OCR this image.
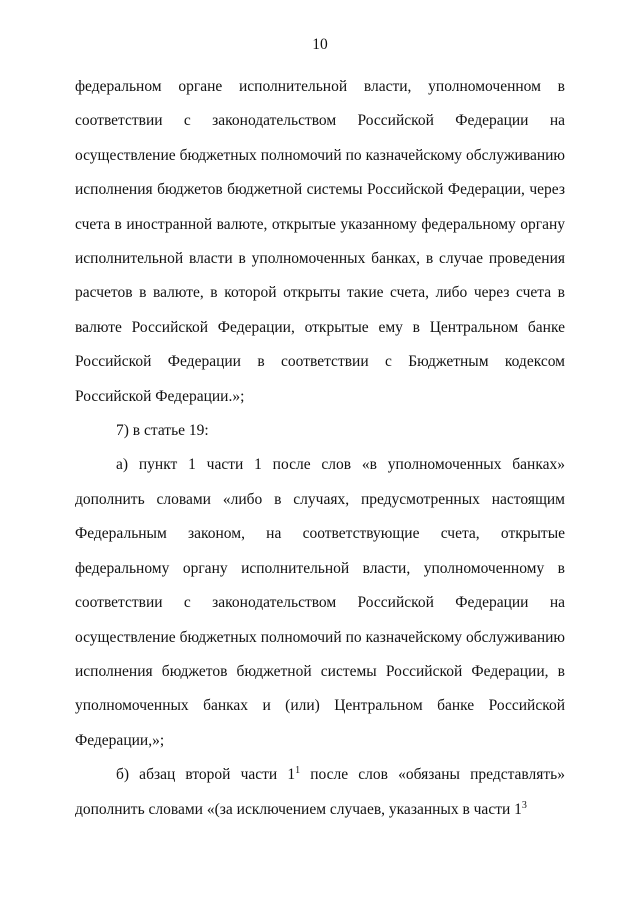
10

федеральном органе исполнительной власти, уполномоченном в соответствии с законодательством Российской Федерации на осуществление бюджетных полномочий по казначейскому обслуживанию исполнения бюджетов бюджетной системы Российской Федерации, через счета в иностранной валюте, открытые указанному федеральному органу исполнительной власти в уполномоченных банках, в случае проведения расчетов в валюте, в которой открыты такие счета, либо через счета в валюте Российской Федерации, открытые ему в Центральном банке Российской Федерации в соответствии с Бюджетным кодексом Российской Федерации.»;

7) в статье 19:

а) пункт 1 части 1 после слов «в уполномоченных банках» дополнить словами «либо в случаях, предусмотренных настоящим Федеральным законом, на соответствующие счета, открытые федеральному органу исполнительной власти, уполномоченному в соответствии с законодательством Российской Федерации на осуществление бюджетных полномочий по казначейскому обслуживанию исполнения бюджетов бюджетной системы Российской Федерации, в уполномоченных банках и (или) Центральном банке Российской Федерации,»;

б) абзац второй части $1^1$ после слов «обязаны представлять» дополнить словами «(за исключением случаев, указанных в части $1^3$
